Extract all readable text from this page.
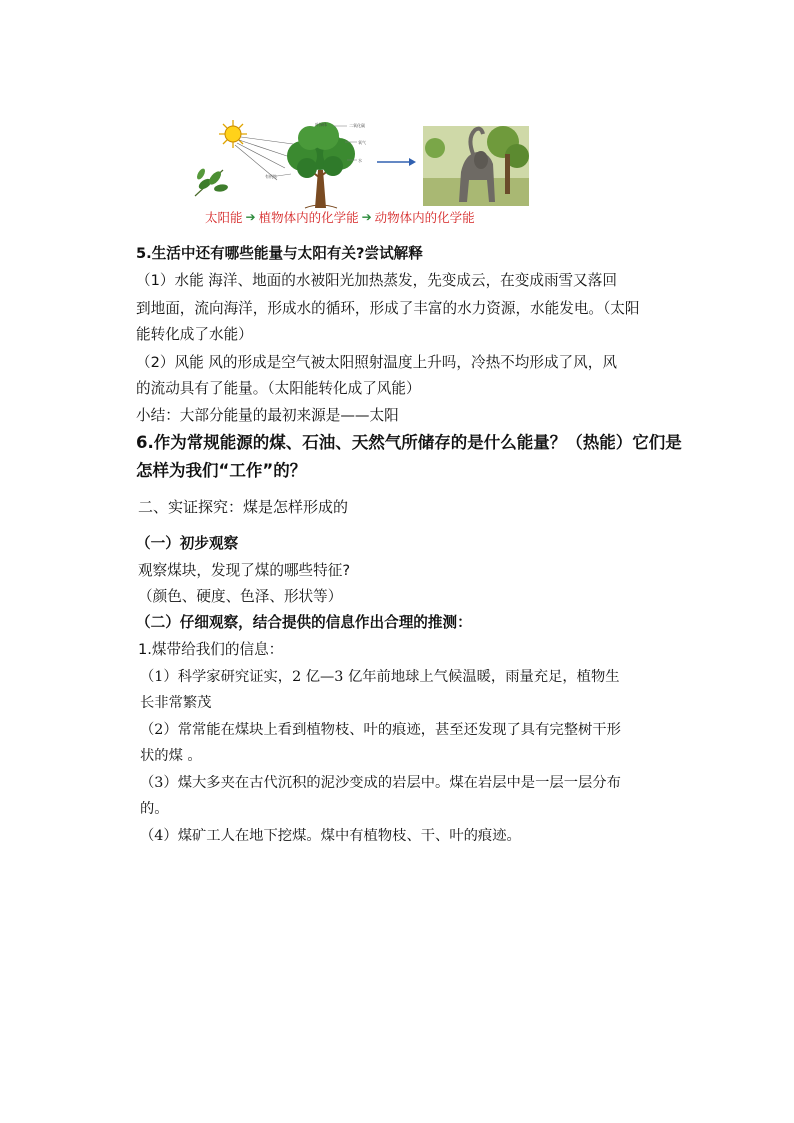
叶绿体	二氧化碳
氧气
水
有机物
太阳能 ➔ 植物体内的化学能 ➔ 动物体内的化学能
5.生活中还有哪些能量与太阳有关?尝试解释
（1）水能 海洋、地面的水被阳光加热蒸发，先变成云，在变成雨雪又落回
到地面，流向海洋，形成水的循环，形成了丰富的水力资源，水能发电。（太阳
能转化成了水能）
（2）风能 风的形成是空气被太阳照射温度上升吗，冷热不均形成了风，风
的流动具有了能量。（太阳能转化成了风能）
小结：大部分能量的最初来源是——太阳
6.作为常规能源的煤、石油、天然气所储存的是什么能量？（热能）它们是
怎样为我们“工作”的？
二、实证探究：煤是怎样形成的
（一）初步观察
观察煤块，发现了煤的哪些特征?
（颜色、硬度、色泽、形状等）
（二）仔细观察，结合提供的信息作出合理的推测：
1.煤带给我们的信息：
（1）科学家研究证实，2 亿—3 亿年前地球上气候温暖，雨量充足，植物生
长非常繁茂
（2）常常能在煤块上看到植物枝、叶的痕迹，甚至还发现了具有完整树干形
状的煤 。
（3）煤大多夹在古代沉积的泥沙变成的岩层中。煤在岩层中是一层一层分布
的。
（4）煤矿工人在地下挖煤。煤中有植物枝、干、叶的痕迹。
